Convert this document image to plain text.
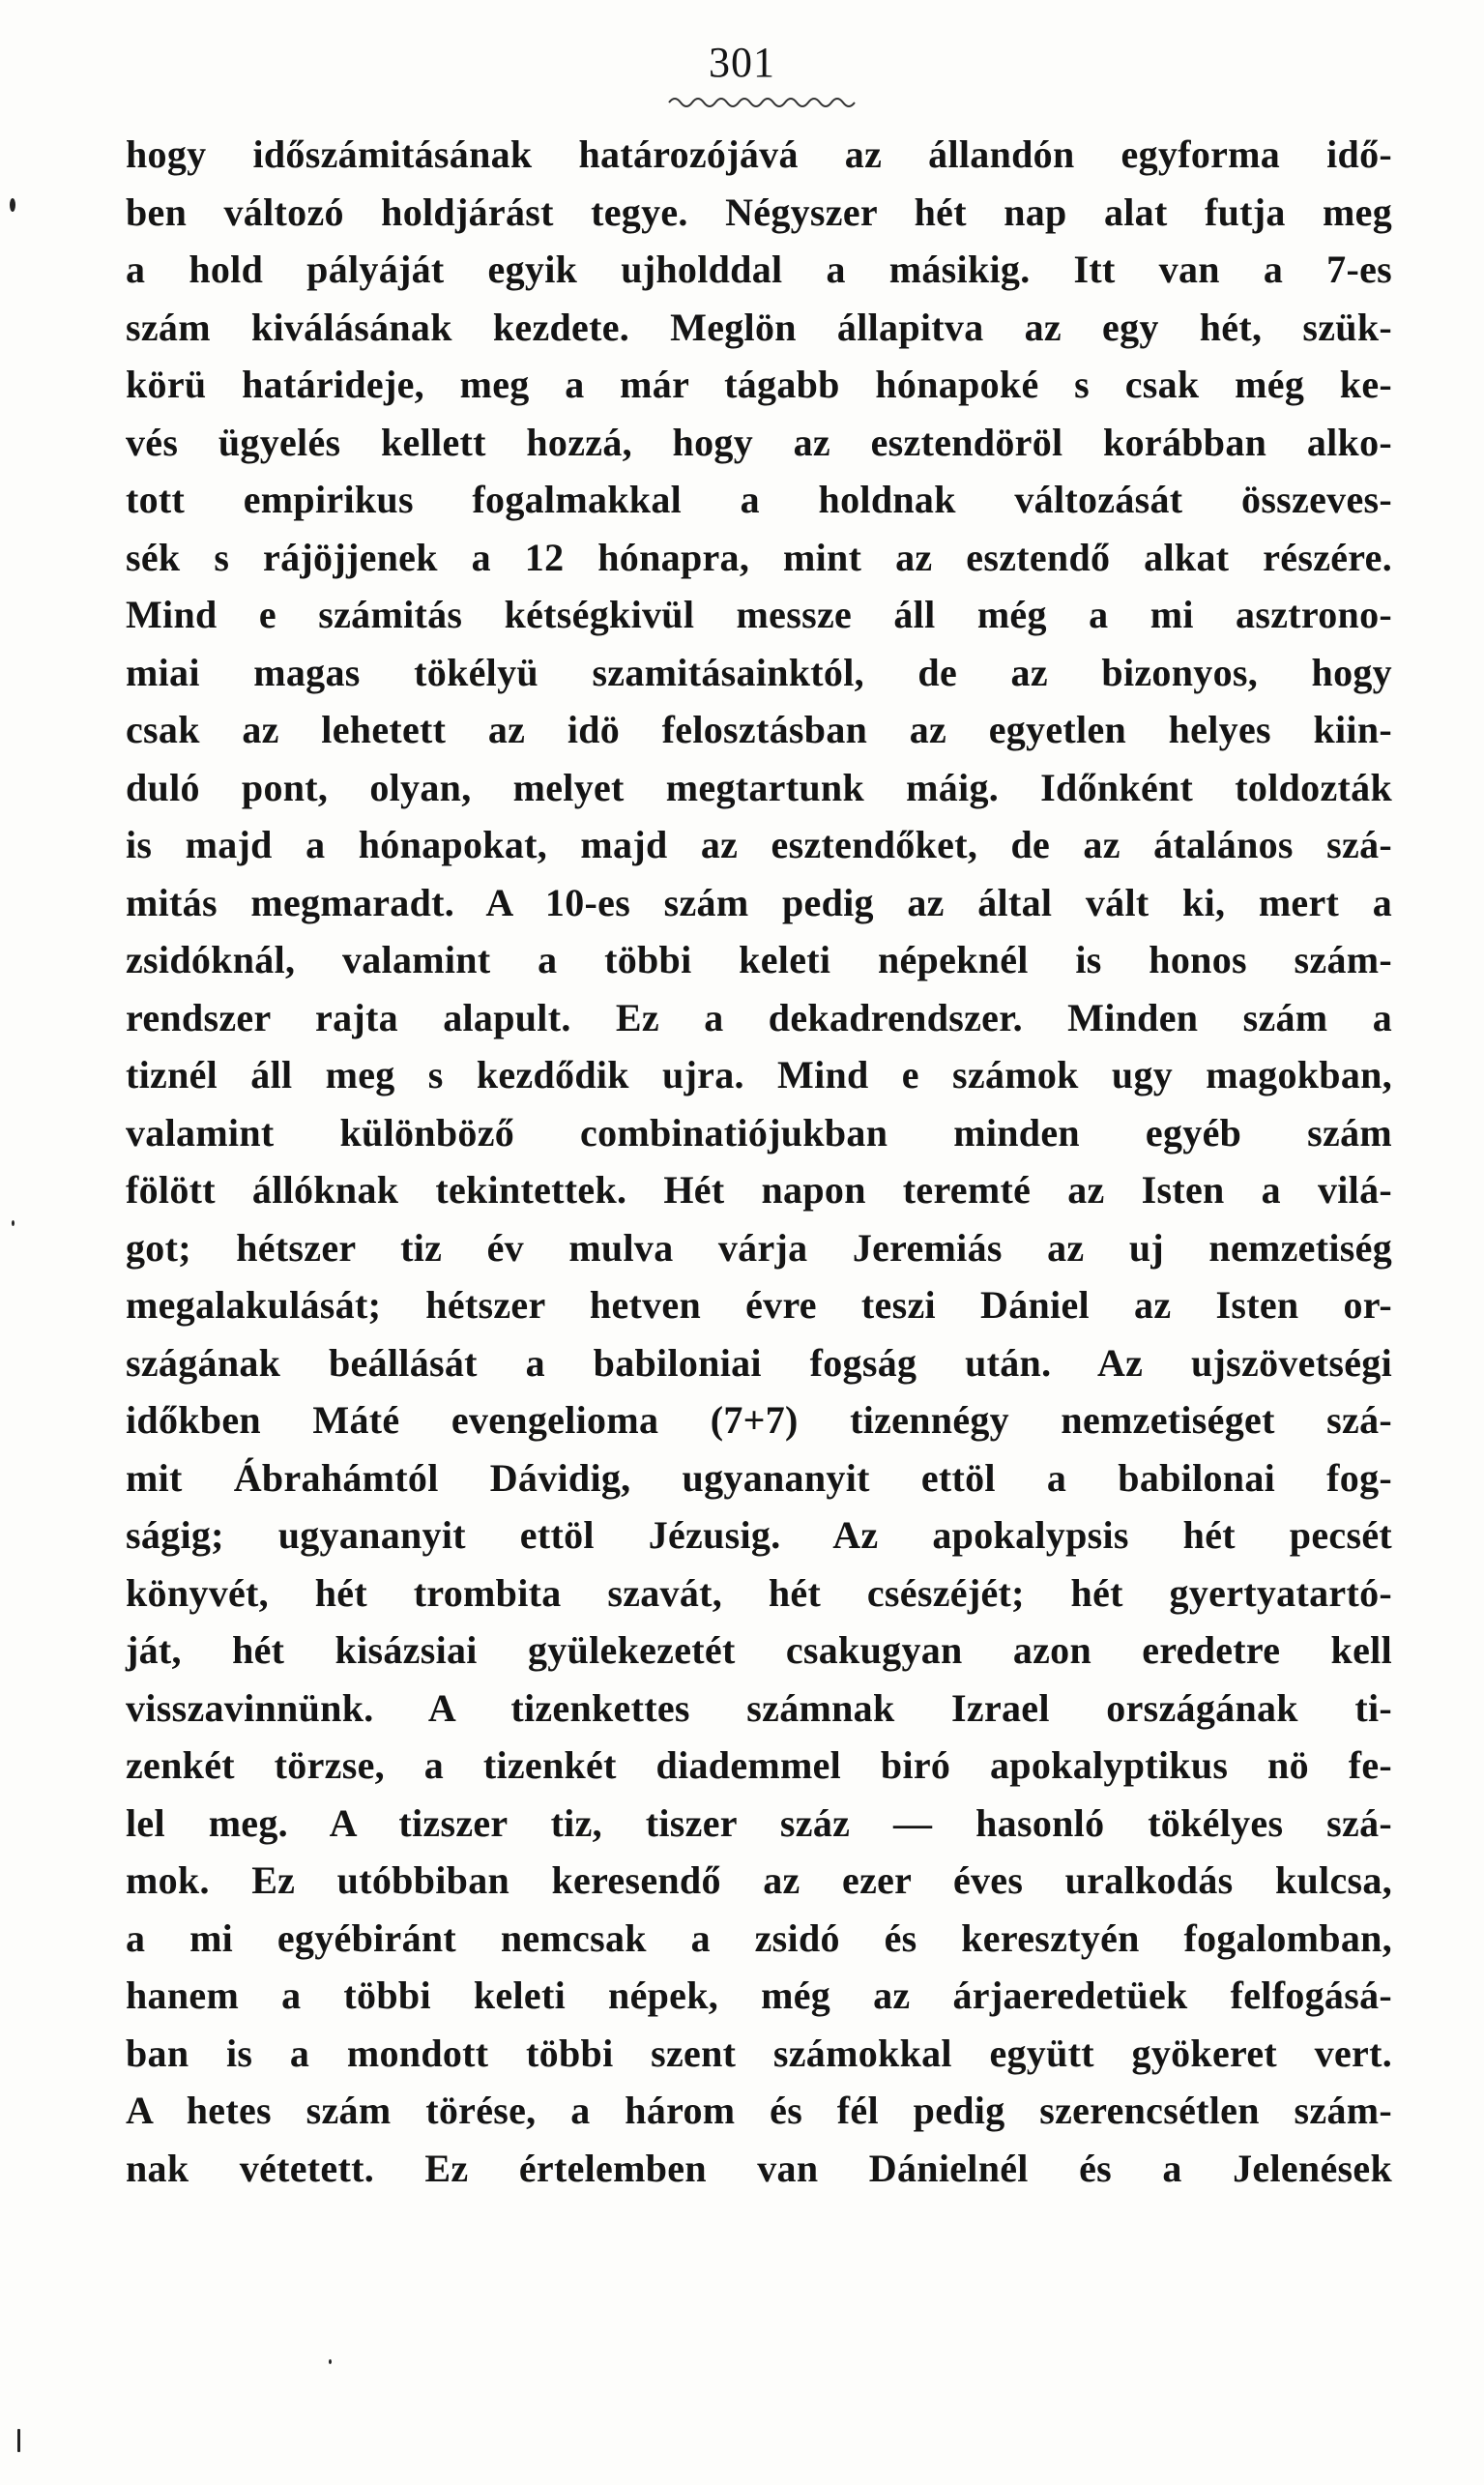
301
hogy időszámitásának határozójává az állandón egyforma idő-
ben változó holdjárást tegye. Négyszer hét nap alat futja meg
a hold pályáját egyik ujholddal a másikig. Itt van a 7-es
szám kiválásának kezdete. Meglön állapitva az egy hét, szük-
körü határideje, meg a már tágabb hónapoké s csak még ke-
vés ügyelés kellett hozzá, hogy az esztendöröl korábban alko-
tott empirikus fogalmakkal a holdnak változását összeves-
sék s rájöjjenek a 12 hónapra, mint az esztendő alkat részére.
Mind e számitás kétségkivül messze áll még a mi asztrono-
miai magas tökélyü szamitásainktól, de az bizonyos, hogy
csak az lehetett az idö felosztásban az egyetlen helyes kiin-
duló pont, olyan, melyet megtartunk máig. Időnként toldozták
is majd a hónapokat, majd az esztendőket, de az átalános szá-
mitás megmaradt. A 10-es szám pedig az által vált ki, mert a
zsidóknál, valamint a többi keleti népeknél is honos szám-
rendszer rajta alapult. Ez a dekadrendszer. Minden szám a
tiznél áll meg s kezdődik ujra. Mind e számok ugy magokban,
valamint különböző combinatiójukban minden egyéb szám
fölött állóknak tekintettek. Hét napon teremté az Isten a vilá-
got; hétszer tiz év mulva várja Jeremiás az uj nemzetiség
megalakulását; hétszer hetven évre teszi Dániel az Isten or-
szágának beállását a babiloniai fogság után. Az ujszövetségi
időkben Máté evengelioma (7+7) tizennégy nemzetiséget szá-
mit Ábrahámtól Dávidig, ugyananyit ettöl a babilonai fog-
ságig; ugyananyit ettöl Jézusig. Az apokalypsis hét pecsét
könyvét, hét trombita szavát, hét csészéjét; hét gyertyatartó-
ját, hét kisázsiai gyülekezetét csakugyan azon eredetre kell
visszavinnünk. A tizenkettes számnak Izrael országának ti-
zenkét törzse, a tizenkét diademmel biró apokalyptikus nö fe-
lel meg. A tizszer tiz, tiszer száz — hasonló tökélyes szá-
mok. Ez utóbbiban keresendő az ezer éves uralkodás kulcsa,
a mi egyébiránt nemcsak a zsidó és keresztyén fogalomban,
hanem a többi keleti népek, még az árjaeredetüek felfogásá-
ban is a mondott többi szent számokkal együtt gyökeret vert.
A hetes szám törése, a három és fél pedig szerencsétlen szám-
nak vétetett. Ez értelemben van Dánielnél és a Jelenések
